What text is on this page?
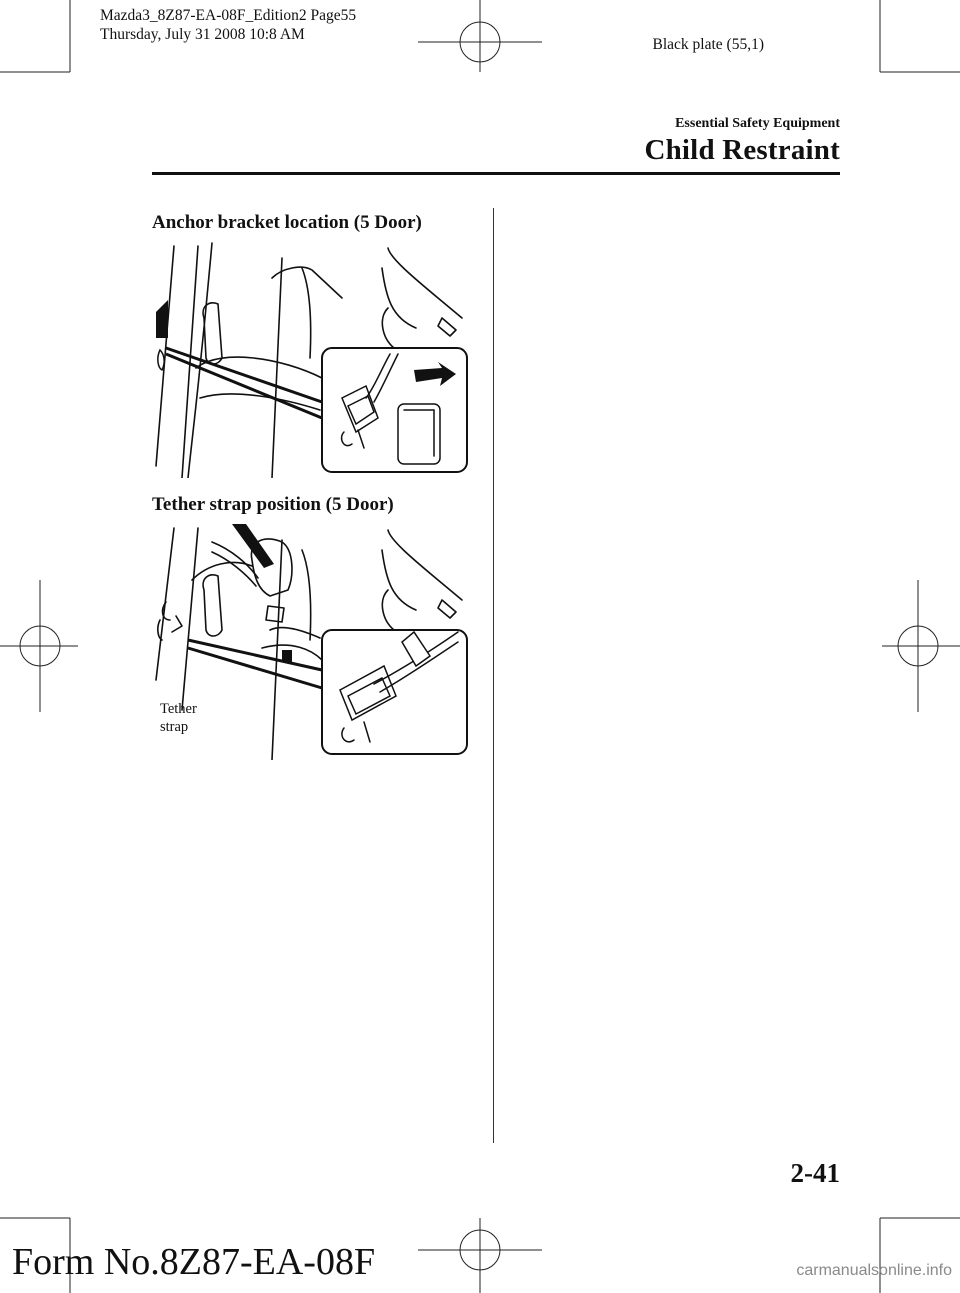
Mazda3_8Z87-EA-08F_Edition2 Page55
Thursday, July 31 2008 10:8 AM
Black plate (55,1)
Essential Safety Equipment
Child Restraint
Anchor bracket location (5 Door)
Tether strap position (5 Door)
Tether
strap
2-41
Form No.8Z87-EA-08F	carmanualsonline.info
